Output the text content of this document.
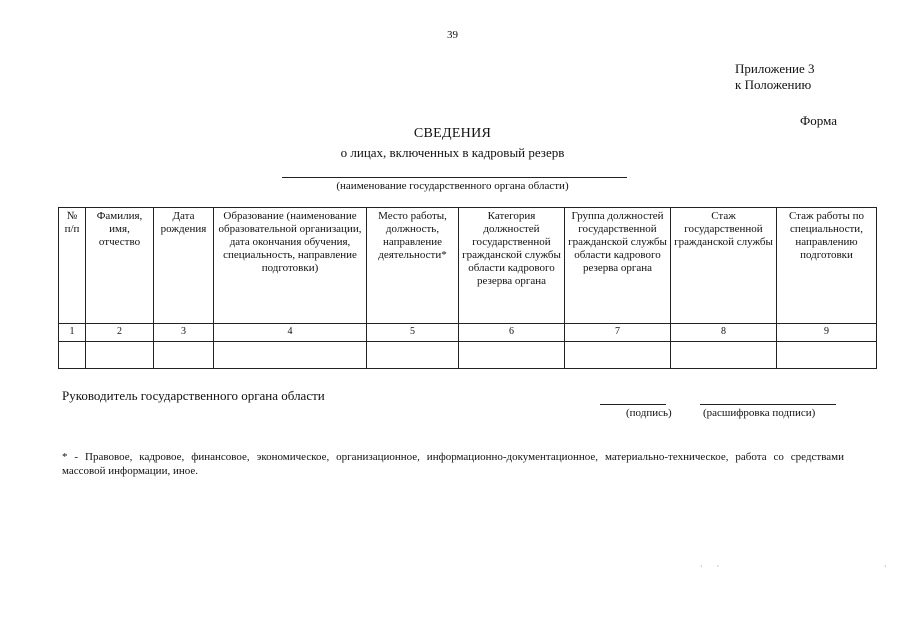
39
Приложение 3
к Положению
Форма
СВЕДЕНИЯ
о лицах, включенных в кадровый резерв
(наименование государственного органа области)
№ п/п	Фамилия, имя, отчество	Дата рождения	Образование (наименование образовательной организации, дата окончания обучения, специальность, направление подготовки)	Место работы, должность, направление деятельности*	Категория должностей государственной гражданской службы области кадрового резерва органа	Группа должностей государственной гражданской службы области кадрового резерва органа	Стаж государственной гражданской службы	Стаж работы по специальности, направлению подготовки
1	2	3	4	5	6	7	8	9

Руководитель государственного органа области
(подпись)	(расшифровка подписи)
* - Правовое, кадровое, финансовое, экономическое, организационное, информационно-документационное, материально-техническое, работа со средствами массовой информации, иное.
· ·	·
